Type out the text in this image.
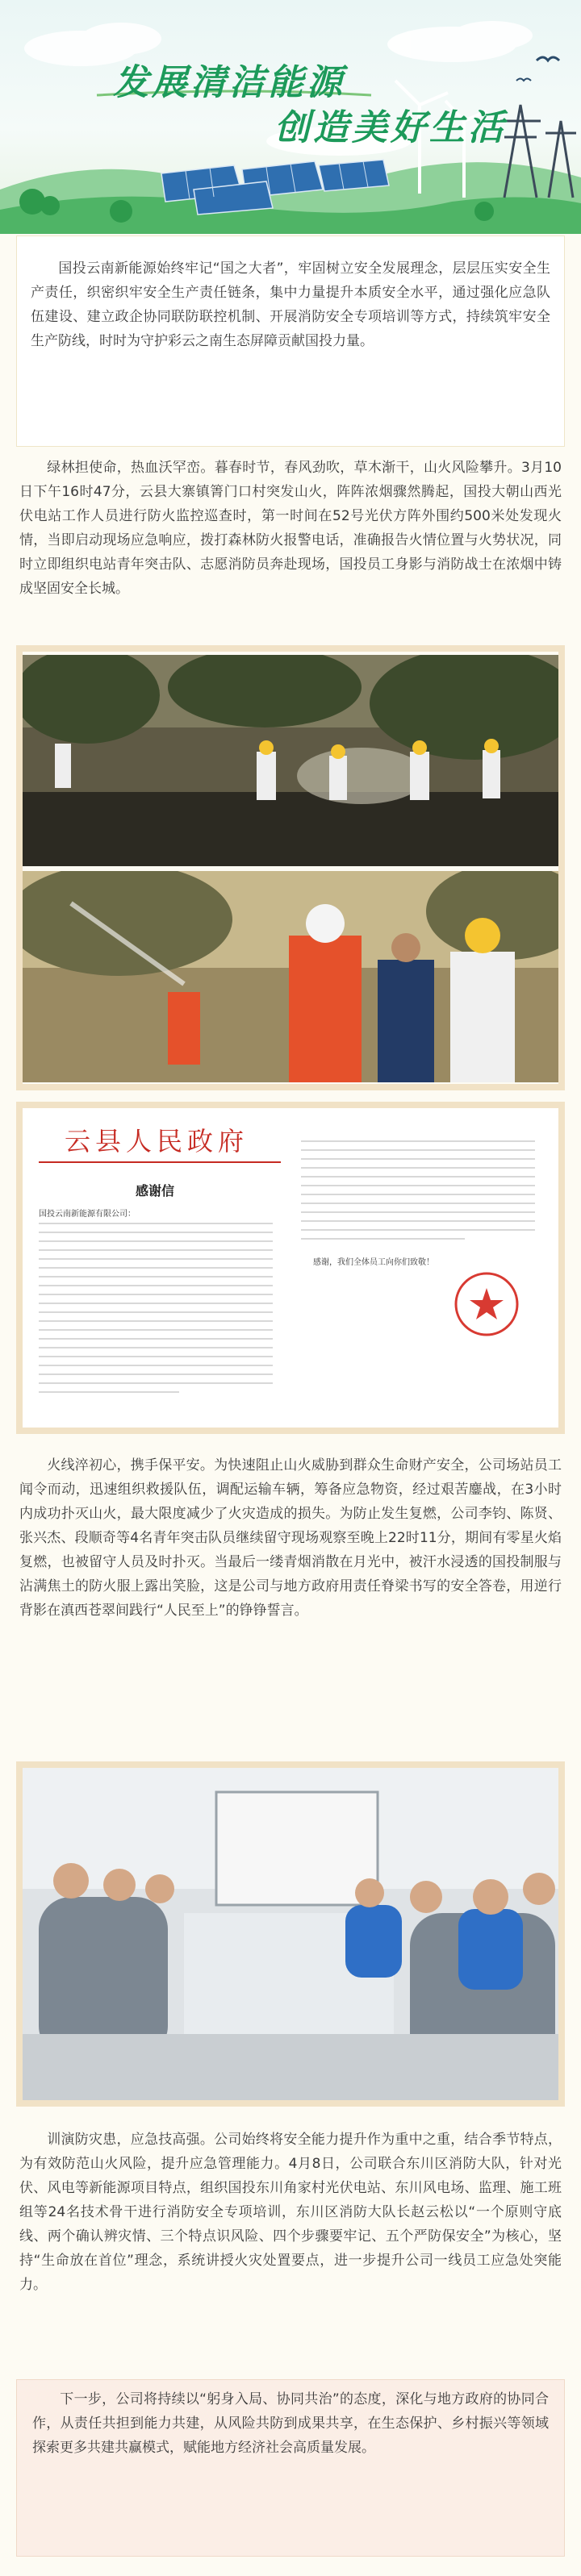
发展清洁能源
创造美好生活

国投云南新能源始终牢记“国之大者”，牢固树立安全发展理念，层层压实安全生产责任，织密织牢安全生产责任链条，集中力量提升本质安全水平，通过强化应急队伍建设、建立政企协同联防联控机制、开展消防安全专项培训等方式，持续筑牢安全生产防线，时时为守护彩云之南生态屏障贡献国投力量。

绿林担使命，热血沃罕峦。暮春时节，春风劲吹，草木渐干，山火风险攀升。3月10日下午16时47分，云县大寨镇箐门口村突发山火，阵阵浓烟骤然腾起，国投大朝山西光伏电站工作人员进行防火监控巡查时，第一时间在52号光伏方阵外围约500米处发现火情，当即启动现场应急响应，拨打森林防火报警电话，准确报告火情位置与火势状况，同时立即组织电站青年突击队、志愿消防员奔赴现场，国投员工身影与消防战士在浓烟中铸成坚固安全长城。

云县人民政府
感谢信
国投云南新能源有限公司：
感谢，我们全体员工向你们致敬！

火线淬初心，携手保平安。为快速阻止山火威胁到群众生命财产安全，公司场站员工闻令而动，迅速组织救援队伍，调配运输车辆，筹备应急物资，经过艰苦鏖战，在3小时内成功扑灭山火，最大限度减少了火灾造成的损失。为防止发生复燃，公司李钧、陈贤、张兴杰、段顺奇等4名青年突击队员继续留守现场观察至晚上22时11分，期间有零星火焰复燃，也被留守人员及时扑灭。当最后一缕青烟消散在月光中，被汗水浸透的国投制服与沾满焦土的防火服上露出笑脸，这是公司与地方政府用责任脊梁书写的安全答卷，用逆行背影在滇西苍翠间践行“人民至上”的铮铮誓言。

训演防灾患，应急技高强。公司始终将安全能力提升作为重中之重，结合季节特点，为有效防范山火风险，提升应急管理能力。4月8日，公司联合东川区消防大队，针对光伏、风电等新能源项目特点，组织国投东川角家村光伏电站、东川风电场、监理、施工班组等24名技术骨干进行消防安全专项培训，东川区消防大队长赵云松以“一个原则守底线、两个确认辨灾情、三个特点识风险、四个步骤要牢记、五个严防保安全”为核心，坚持“生命放在首位”理念，系统讲授火灾处置要点，进一步提升公司一线员工应急处突能力。

下一步，公司将持续以“躬身入局、协同共治”的态度，深化与地方政府的协同合作，从责任共担到能力共建，从风险共防到成果共享，在生态保护、乡村振兴等领域探索更多共建共赢模式，赋能地方经济社会高质量发展。
